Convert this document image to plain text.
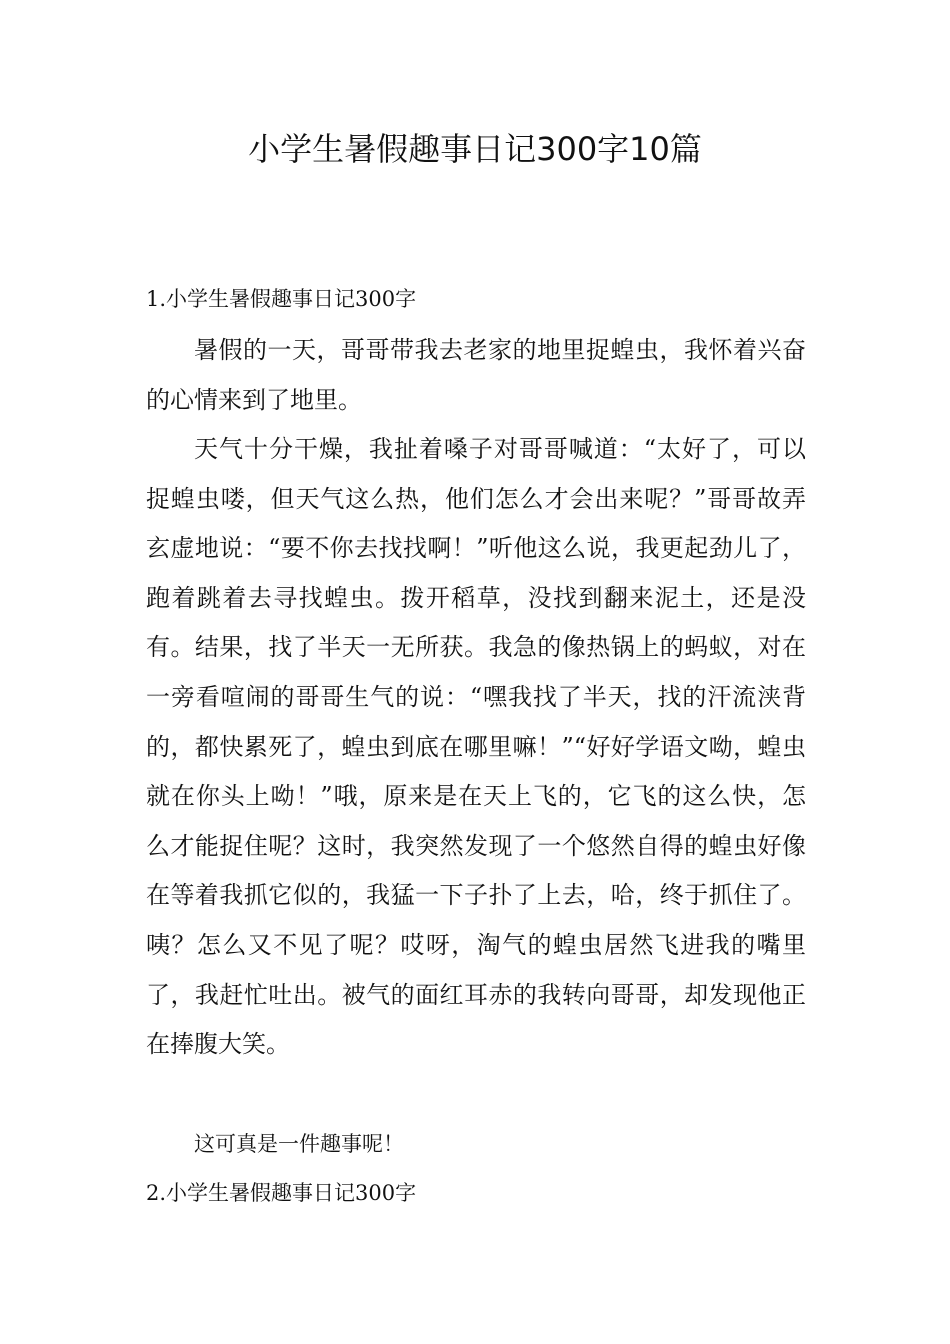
小学生暑假趣事日记300字10篇

1.小学生暑假趣事日记300字

暑假的一天，哥哥带我去老家的地里捉蝗虫，我怀着兴奋的心情来到了地里。

天气十分干燥，我扯着嗓子对哥哥喊道：“太好了，可以捉蝗虫喽，但天气这么热，他们怎么才会出来呢？”哥哥故弄玄虚地说：“要不你去找找啊！”听他这么说，我更起劲儿了，跑着跳着去寻找蝗虫。拨开稻草，没找到翻来泥土，还是没有。结果，找了半天一无所获。我急的像热锅上的蚂蚁，对在一旁看喧闹的哥哥生气的说：“嘿我找了半天，找的汗流浃背的，都快累死了，蝗虫到底在哪里嘛！”“好好学语文呦，蝗虫就在你头上呦！”哦，原来是在天上飞的，它飞的这么快，怎么才能捉住呢？这时，我突然发现了一个悠然自得的蝗虫好像在等着我抓它似的，我猛一下子扑了上去，哈，终于抓住了。咦？怎么又不见了呢？哎呀，淘气的蝗虫居然飞进我的嘴里了，我赶忙吐出。被气的面红耳赤的我转向哥哥，却发现他正在捧腹大笑。

这可真是一件趣事呢！

2.小学生暑假趣事日记300字
